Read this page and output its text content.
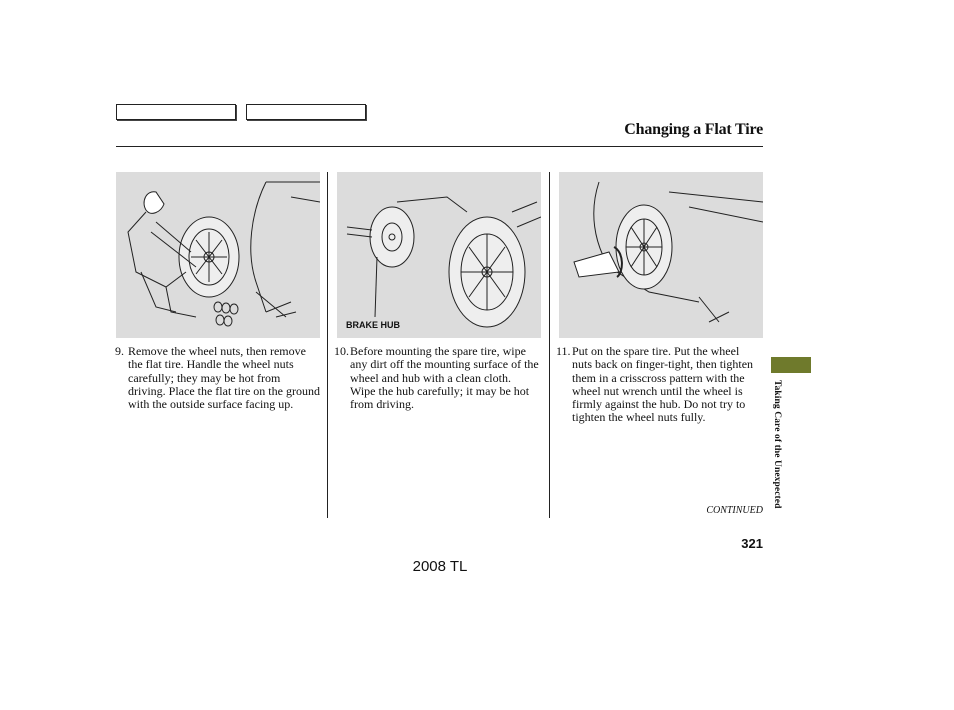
Changing a Flat Tire
BRAKE HUB
9. Remove the wheel nuts, then remove the flat tire. Handle the wheel nuts carefully; they may be hot from driving. Place the flat tire on the ground with the outside surface facing up.
10. Before mounting the spare tire, wipe any dirt off the mounting surface of the wheel and hub with a clean cloth. Wipe the hub carefully; it may be hot from driving.
11. Put on the spare tire. Put the wheel nuts back on finger-tight, then tighten them in a crisscross pattern with the wheel nut wrench until the wheel is firmly against the hub. Do not try to tighten the wheel nuts fully.	Taking Care of the Unexpected
CONTINUED
321
2008 TL
